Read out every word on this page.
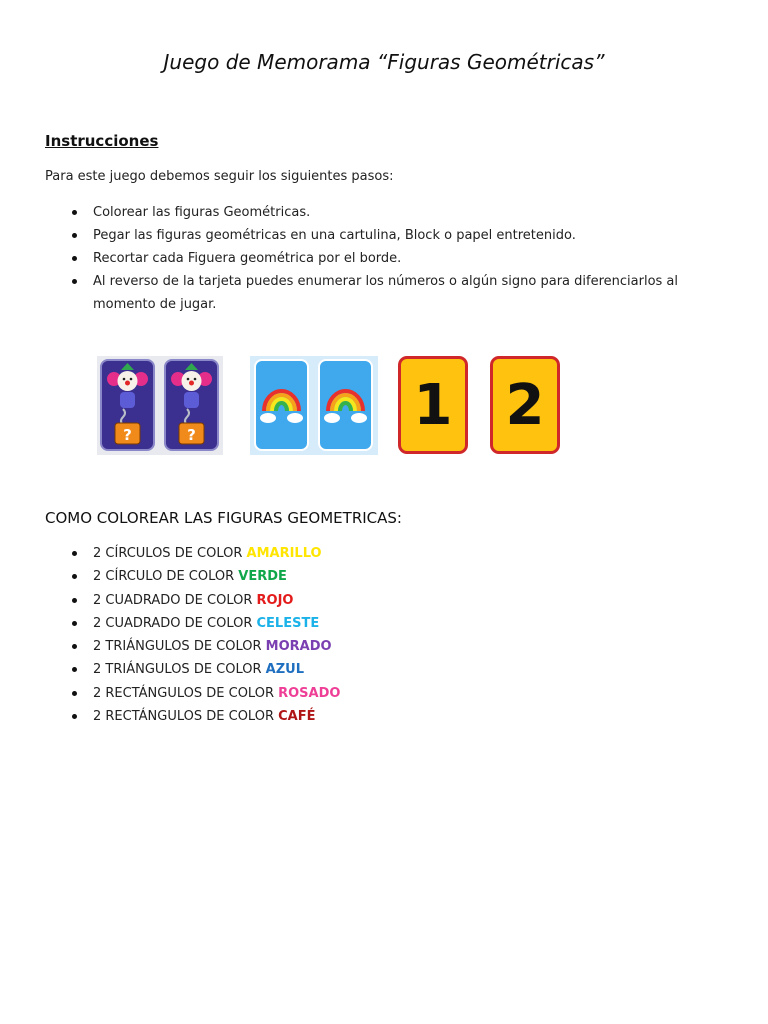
Juego de Memorama “Figuras Geométricas”
Instrucciones
Para este juego debemos seguir los siguientes pasos:
Colorear las figuras Geométricas.
Pegar las figuras geométricas en una cartulina, Block o papel entretenido.
Recortar cada Figuera geométrica por el borde.
Al reverso de la tarjeta puedes enumerar los números o algún signo para diferenciarlos al momento de jugar.
?	?	1 2
COMO COLOREAR LAS FIGURAS GEOMETRICAS:
2 CÍRCULOS DE COLOR AMARILLO
2 CÍRCULO DE COLOR VERDE
2 CUADRADO DE COLOR ROJO
2 CUADRADO DE COLOR CELESTE
2 TRIÁNGULOS DE COLOR MORADO
2 TRIÁNGULOS DE COLOR AZUL
2 RECTÁNGULOS DE COLOR ROSADO
2 RECTÁNGULOS DE COLOR CAFÉ
